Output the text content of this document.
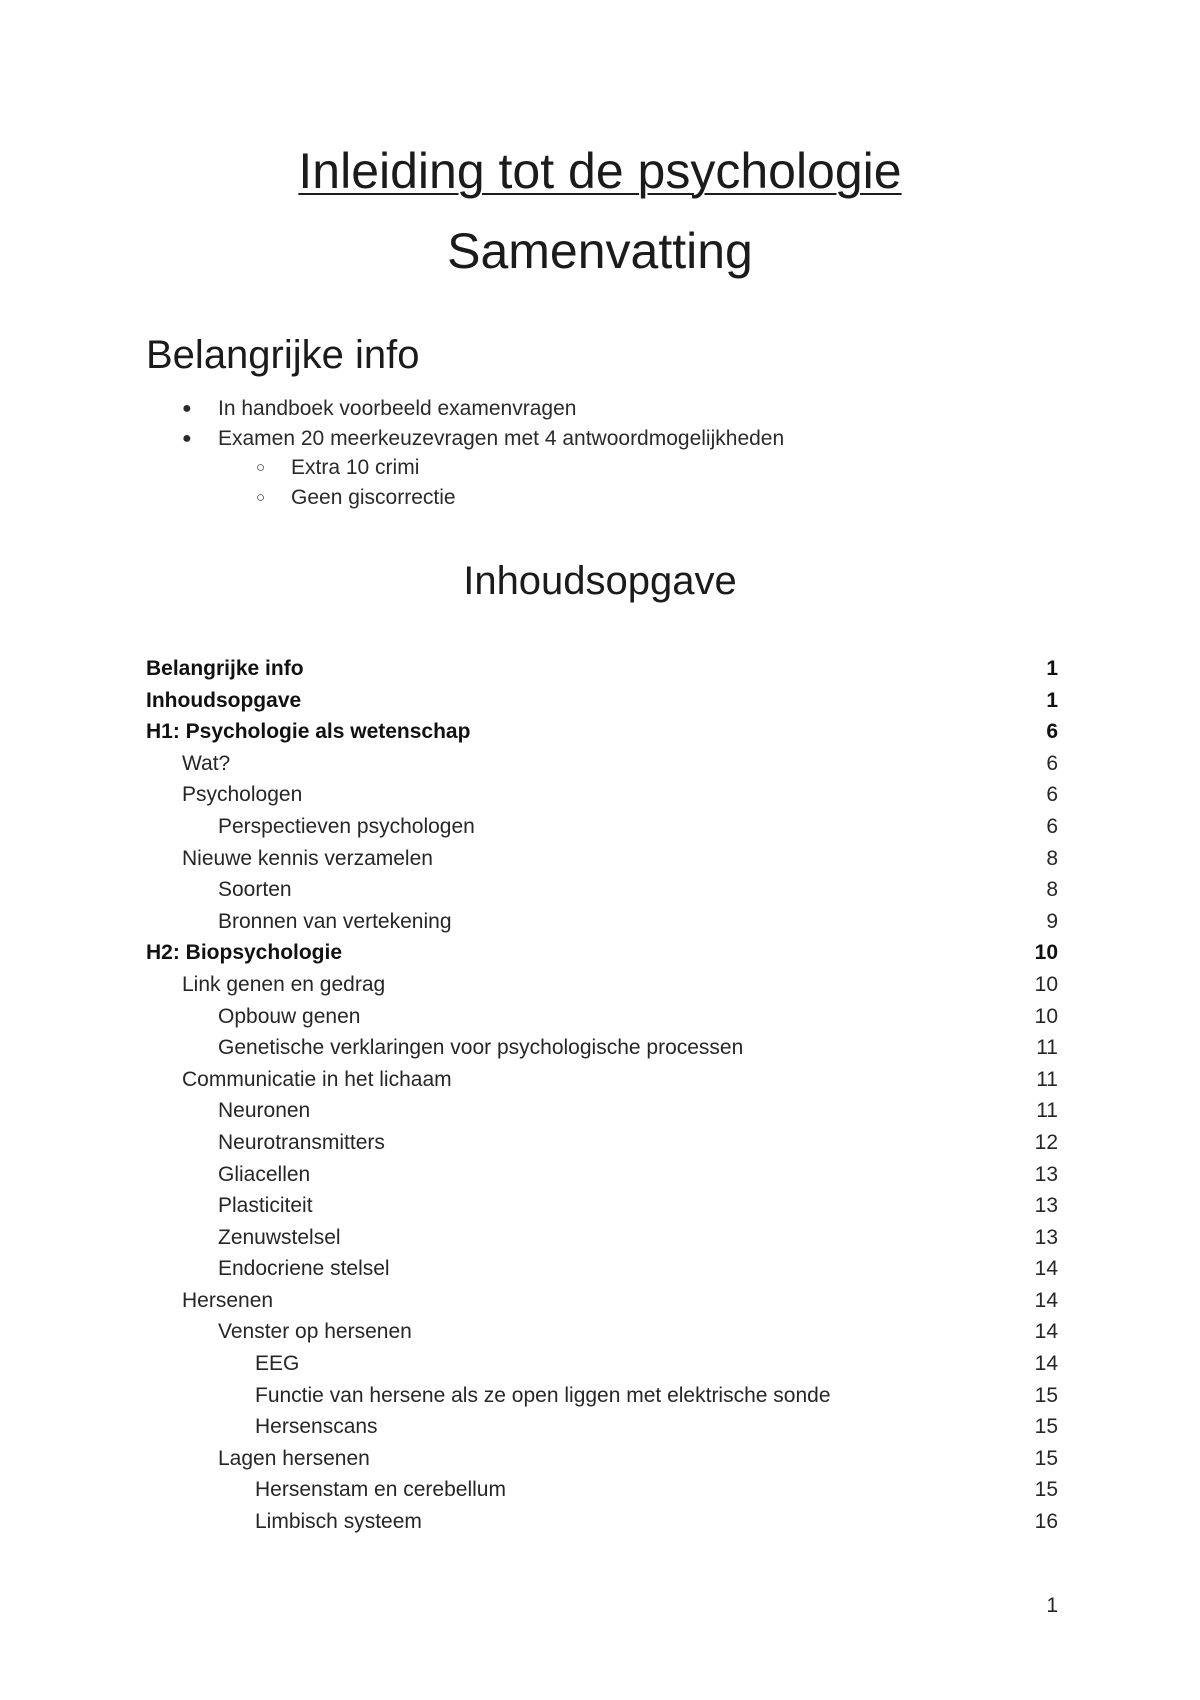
Inleiding tot de psychologie
Samenvatting
Belangrijke info
● In handboek voorbeeld examenvragen
● Examen 20 meerkeuzevragen met 4 antwoordmogelijkheden
○ Extra 10 crimi
○ Geen giscorrectie
Inhoudsopgave
Belangrijke info	1
Inhoudsopgave	1
H1: Psychologie als wetenschap	6
Wat?	6
Psychologen	6
Perspectieven psychologen	6
Nieuwe kennis verzamelen	8
Soorten	8
Bronnen van vertekening	9
H2: Biopsychologie	10
Link genen en gedrag	10
Opbouw genen	10
Genetische verklaringen voor psychologische processen	11
Communicatie in het lichaam	11
Neuronen	11
Neurotransmitters	12
Gliacellen	13
Plasticiteit	13
Zenuwstelsel	13
Endocriene stelsel	14
Hersenen	14
Venster op hersenen	14
EEG	14
Functie van hersene als ze open liggen met elektrische sonde	15
Hersenscans	15
Lagen hersenen	15
Hersenstam en cerebellum	15
Limbisch systeem	16
1
